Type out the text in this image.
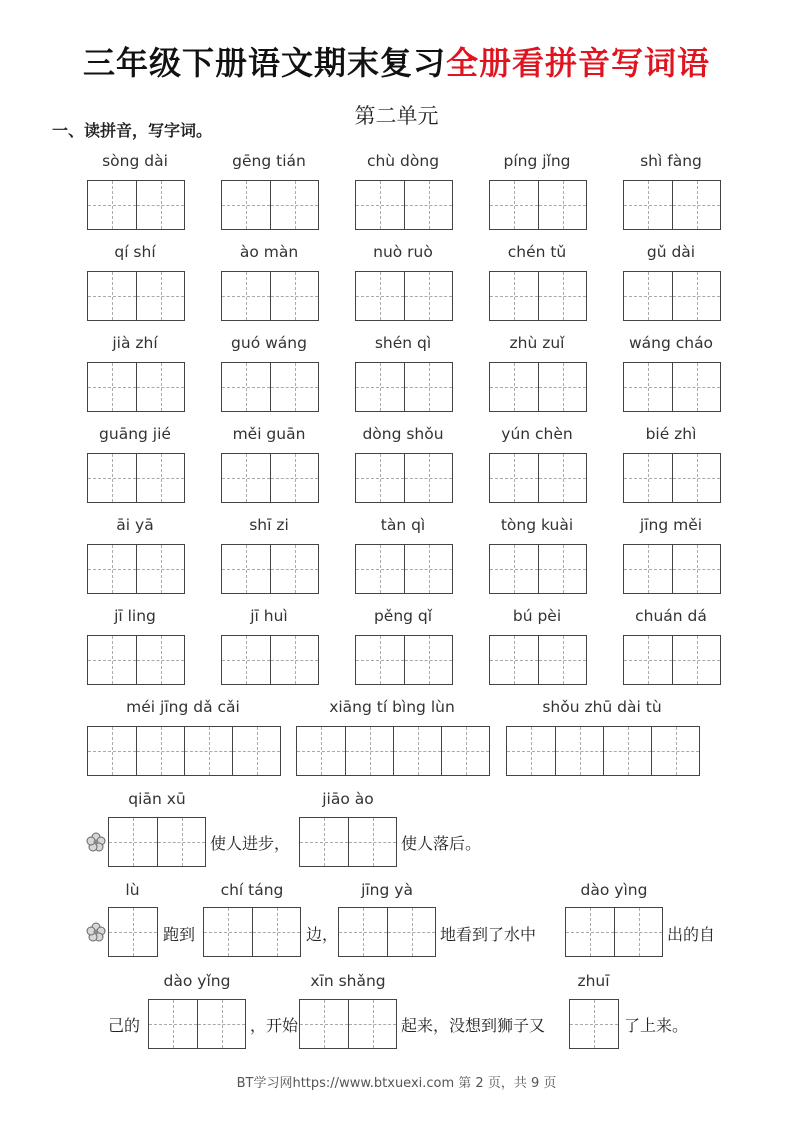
三年级下册语文期末复习全册看拼音写词语
一、读拼音，写字词。
第二单元
sòng dài	gēng tián	chù dòng	píng jǐng	shì fàng
qí shí	ào màn	nuò ruò	chén tǔ	gǔ dài
jià zhí	guó wáng	shén qì	zhù zuǐ	wáng cháo
guāng jié	měi guān	dòng shǒu	yún chèn	bié zhì
āi yā	shī zi	tàn qì	tòng kuài	jīng měi
jī ling	jī huì	pěng qǐ	bú pèi	chuán dá
méi jīng dǎ cǎi	xiāng tí bìng lùn	shǒu zhū dài tù
qiān xū	jiāo ào
使人进步，	使人落后。
lù	chí táng	jīng yà	dào yìng
跑到	边，	地看到了水中	出的自
dào yǐng	xīn shǎng	zhuī
己的	，开始	起来，没想到狮子又	了上来。
BT学习网https://www.btxuexi.com 第 2 页，共 9 页
